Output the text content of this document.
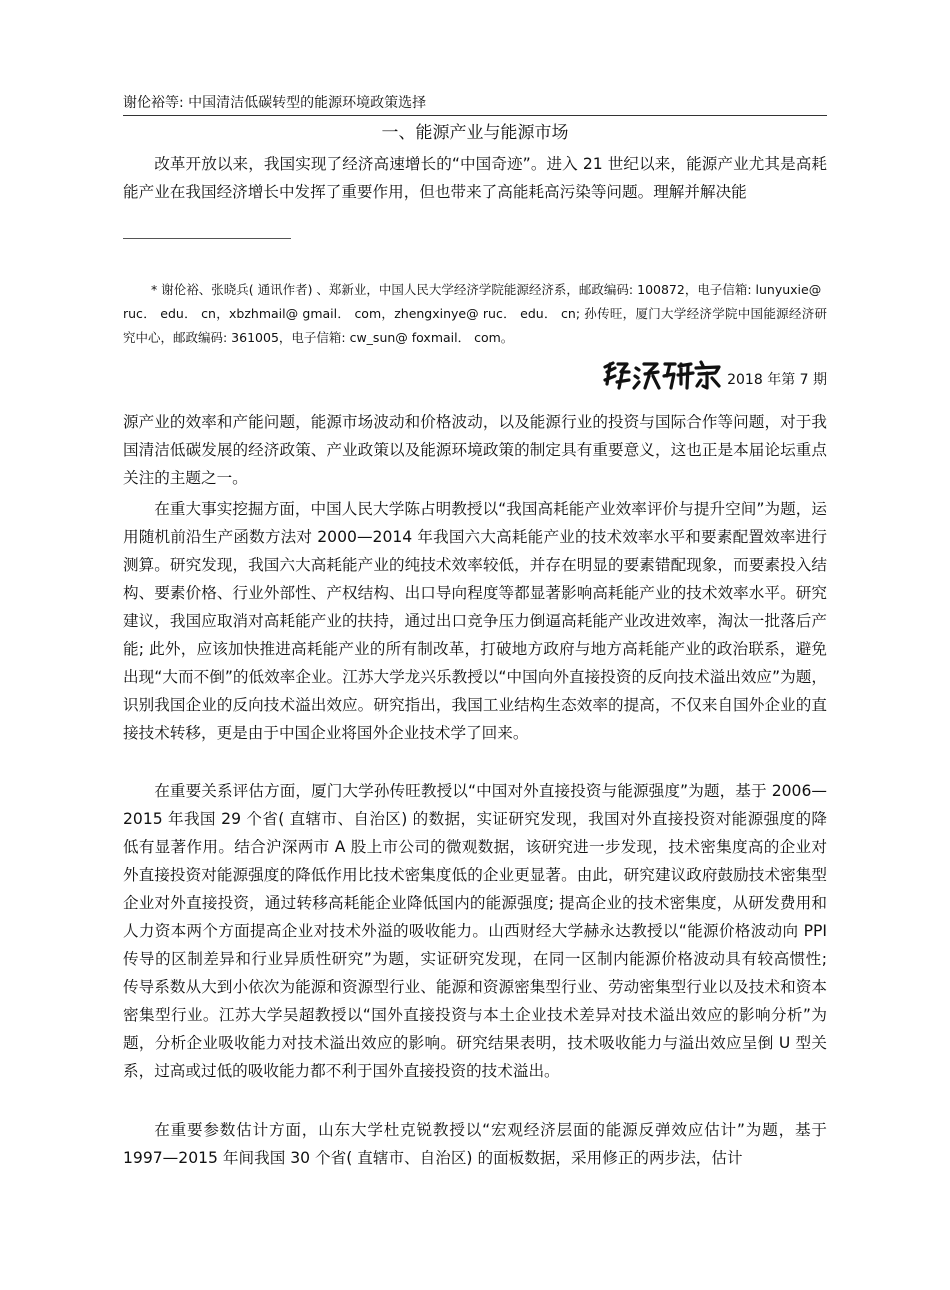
谢伦裕等: 中国清洁低碳转型的能源环境政策选择
一、能源产业与能源市场

改革开放以来，我国实现了经济高速增长的“中国奇迹”。进入 21 世纪以来，能源产业尤其是高耗能产业在我国经济增长中发挥了重要作用，但也带来了高能耗高污染等问题。理解并解决能

* 谢伦裕、张晓兵( 通讯作者) 、郑新业，中国人民大学经济学院能源经济系，邮政编码: 100872，电子信箱: lunyuxie@
ruc． edu． cn，xbzhmail@ gmail． com，zhengxinye@ ruc． edu． cn; 孙传旺，厦门大学经济学院中国能源经济研究中心，邮政编码: 361005，电子信箱: cw_sun@ foxmail． com。
2018 年第 7 期

源产业的效率和产能问题，能源市场波动和价格波动，以及能源行业的投资与国际合作等问题，对于我国清洁低碳发展的经济政策、产业政策以及能源环境政策的制定具有重要意义，这也正是本届论坛重点关注的主题之一。

在重大事实挖掘方面，中国人民大学陈占明教授以“我国高耗能产业效率评价与提升空间”为题，运用随机前沿生产函数方法对 2000—2014 年我国六大高耗能产业的技术效率水平和要素配置效率进行测算。研究发现，我国六大高耗能产业的纯技术效率较低，并存在明显的要素错配现象，而要素投入结构、要素价格、行业外部性、产权结构、出口导向程度等都显著影响高耗能产业的技术效率水平。研究建议，我国应取消对高耗能产业的扶持，通过出口竞争压力倒逼高耗能产业改进效率，淘汰一批落后产能; 此外，应该加快推进高耗能产业的所有制改革，打破地方政府与地方高耗能产业的政治联系，避免出现“大而不倒”的低效率企业。江苏大学龙兴乐教授以“中国向外直接投资的反向技术溢出效应”为题，识别我国企业的反向技术溢出效应。研究指出，我国工业结构生态效率的提高，不仅来自国外企业的直接技术转移，更是由于中国企业将国外企业技术学了回来。

在重要关系评估方面，厦门大学孙传旺教授以“中国对外直接投资与能源强度”为题，基于 2006—2015 年我国 29 个省( 直辖市、自治区) 的数据，实证研究发现，我国对外直接投资对能源强度的降低有显著作用。结合沪深两市 A 股上市公司的微观数据，该研究进一步发现，技术密集度高的企业对外直接投资对能源强度的降低作用比技术密集度低的企业更显著。由此，研究建议政府鼓励技术密集型企业对外直接投资，通过转移高耗能企业降低国内的能源强度; 提高企业的技术密集度，从研发费用和人力资本两个方面提高企业对技术外溢的吸收能力。山西财经大学赫永达教授以“能源价格波动向 PPI 传导的区制差异和行业异质性研究”为题，实证研究发现，在同一区制内能源价格波动具有较高惯性; 传导系数从大到小依次为能源和资源型行业、能源和资源密集型行业、劳动密集型行业以及技术和资本密集型行业。江苏大学吴超教授以“国外直接投资与本土企业技术差异对技术溢出效应的影响分析”为题，分析企业吸收能力对技术溢出效应的影响。研究结果表明，技术吸收能力与溢出效应呈倒 U 型关系，过高或过低的吸收能力都不利于国外直接投资的技术溢出。

在重要参数估计方面，山东大学杜克锐教授以“宏观经济层面的能源反弹效应估计”为题，基于 1997—2015 年间我国 30 个省( 直辖市、自治区) 的面板数据，采用修正的两步法，估计
